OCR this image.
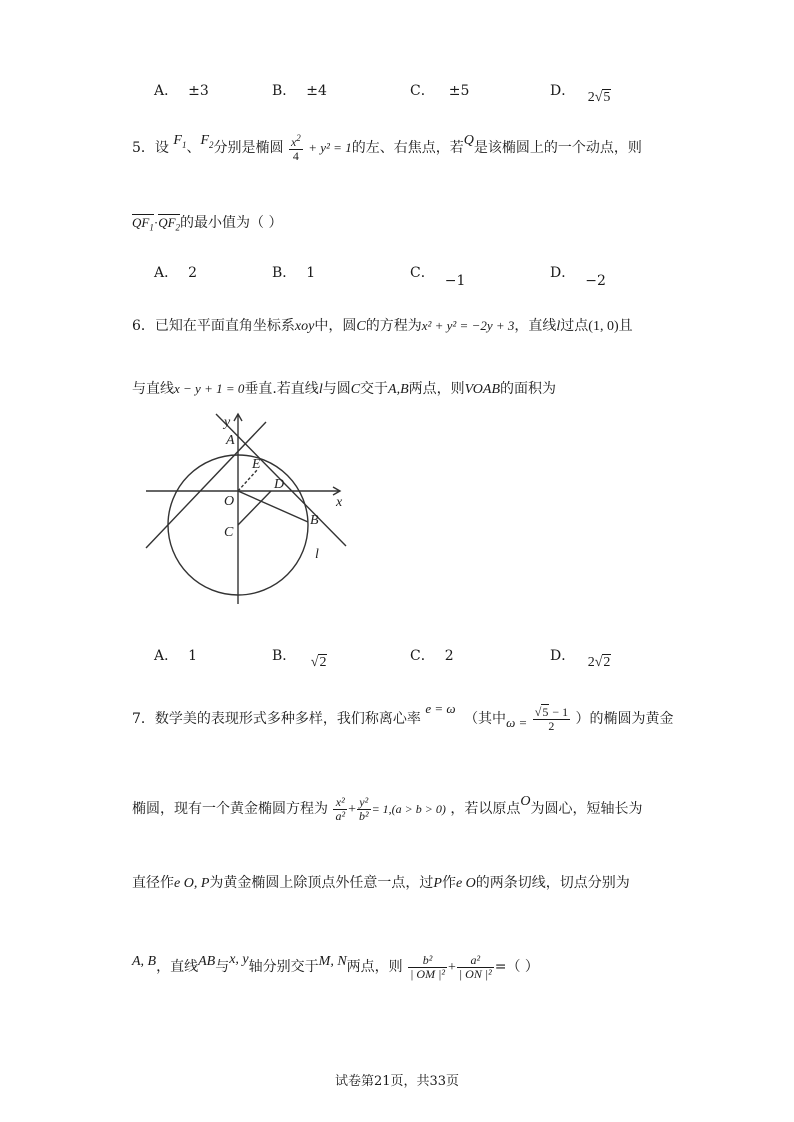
A． ±3	B． ±4	C． ±5	D． 2√5
5．设 $F_1$、$F_2$分别是椭圆 $\frac{x^2}{4} + y^2 = 1$的左、右焦点，若Q是该椭圆上的一个动点，则
$QF_1\cdot QF_2$的最小值为（ ）
A． 2	B． 1	C． −1	D． −2
6．已知在平面直角坐标系xoy中，圆C的方程为x² + y² = −2y + 3，直线l过点(1, 0)且
与直线x − y + 1 = 0垂直.若直线l与圆C交于A,B两点，则VOAB的面积为
y
x
A
E
D
O
C
B
l
A． 1	B． √2	C． 2	D． 2√2
7．数学美的表现形式多种多样，我们称离心率 e = ω （其中$\omega = \frac{√5 - 1}{2}$ ）的椭圆为黄金
椭圆，现有一个黄金椭圆方程为 $\frac{\text{x²}}{\text{a²}} + \frac{\text{y²}}{\text{b²}} = 1,(a > b > 0)$ ，若以原点O为圆心，短轴长为
直径作e O, P为黄金椭圆上除顶点外任意一点，过P作e O的两条切线，切点分别为
A, B，直线AB与x, y轴分别交于M, N两点，则 $\frac{\text{b²}}{\text{| OM |²}} + \frac{\text{a²}}{\text{| ON |²}}$ =（ ）
试卷第21页，共33页
